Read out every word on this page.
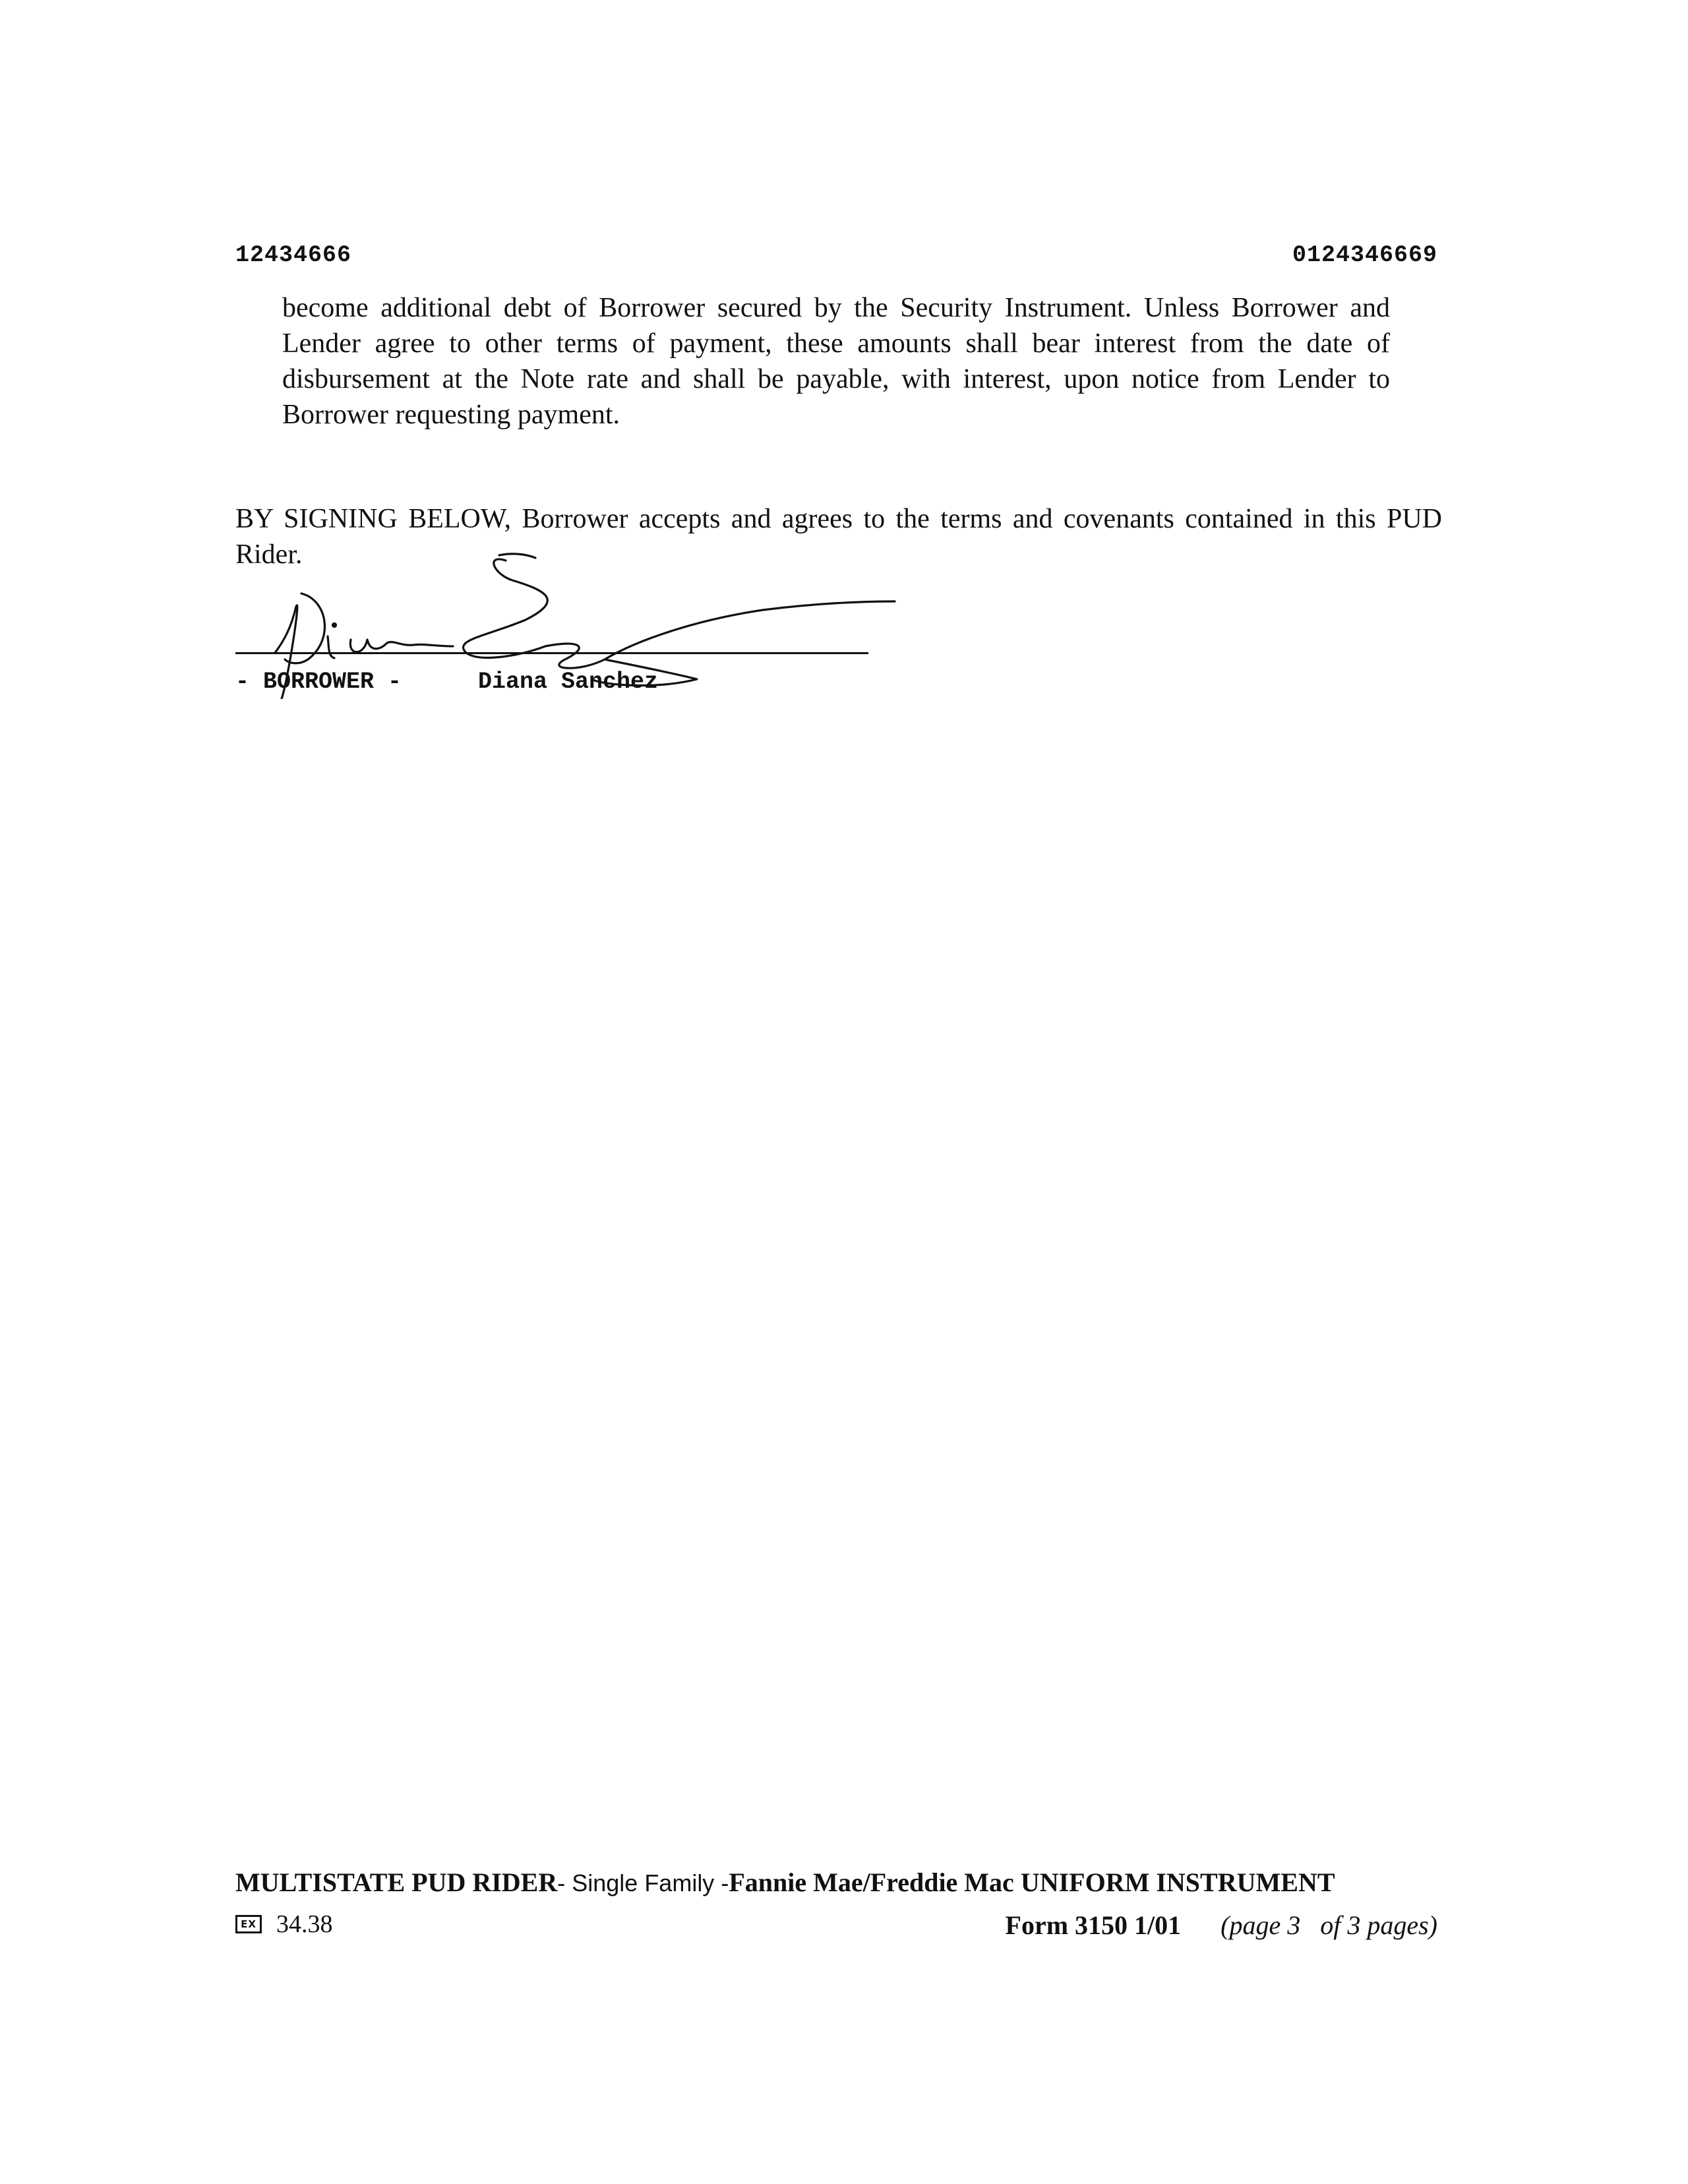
12434666	0124346669
become additional debt of Borrower secured by the Security Instrument. Unless Borrower and Lender agree to other terms of payment, these amounts shall bear interest from the date of disbursement at the Note rate and shall be payable, with interest, upon notice from Lender to Borrower requesting payment.
BY SIGNING BELOW, Borrower accepts and agrees to the terms and covenants contained in this PUD Rider.
- BORROWER -	Diana Sanchez
MULTISTATE PUD RIDER- Single Family -Fannie Mae/Freddie Mac UNIFORM INSTRUMENT
EX 34.38	Form 3150 1/01 (page 3 of 3 pages)
